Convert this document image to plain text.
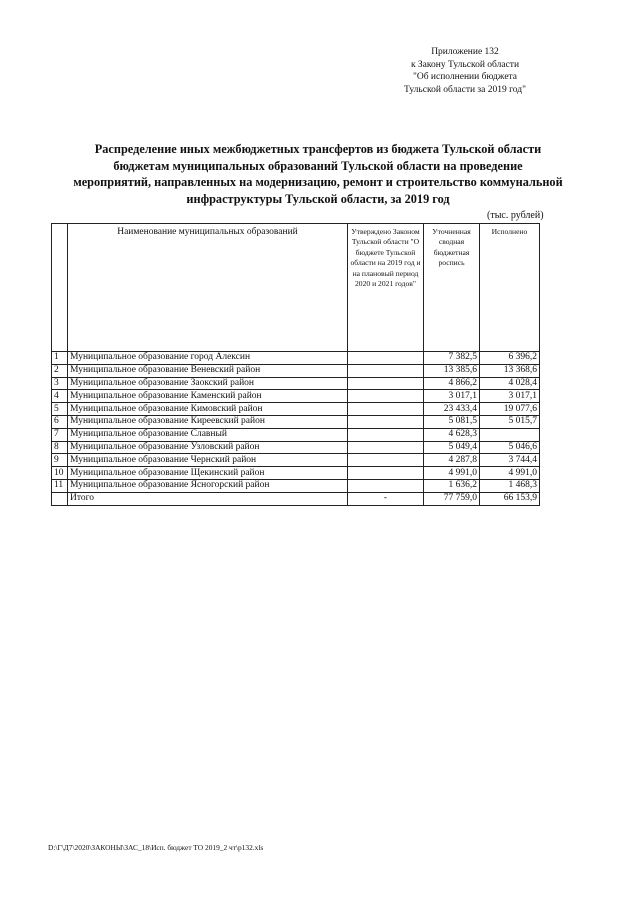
Приложение 132
к Закону Тульской области
"Об исполнении бюджета
Тульской области за 2019 год"
Распределение иных межбюджетных трансфертов из бюджета Тульской области
бюджетам муниципальных образований Тульской области на проведение
мероприятий, направленных на модернизацию, ремонт и строительство коммунальной
инфраструктуры Тульской области, за 2019 год
(тыс. рублей)
	Наименование муниципальных образований	Утверждено Законом Тульской области "О бюджете Тульской области на 2019 год и на плановый период 2020 и 2021 годов"	Уточненная сводная бюджетная роспись	Исполнено
1	Муниципальное образование город Алексин		7 382,5	6 396,2
2	Муниципальное образование Веневский район		13 385,6	13 368,6
3	Муниципальное образование Заокский район		4 866,2	4 028,4
4	Муниципальное образование Каменский район		3 017,1	3 017,1
5	Муниципальное образование Кимовский район		23 433,4	19 077,6
6	Муниципальное образование Киреевский район		5 081,5	5 015,7
7	Муниципальное образование Славный		4 628,3	
8	Муниципальное образование Узловский район		5 049,4	5 046,6
9	Муниципальное образование Чернский район		4 287,8	3 744,4
10	Муниципальное образование Щекинский район		4 991,0	4 991,0
11	Муниципальное образование Ясногорский район		1 636,2	1 468,3
	Итого	-	77 759,0	66 153,9
D:\Г\Д7\2020\ЗАКОНЫ\ЗАС_18\Исп. бюджет ТО 2019_2 чт\р132.xls
